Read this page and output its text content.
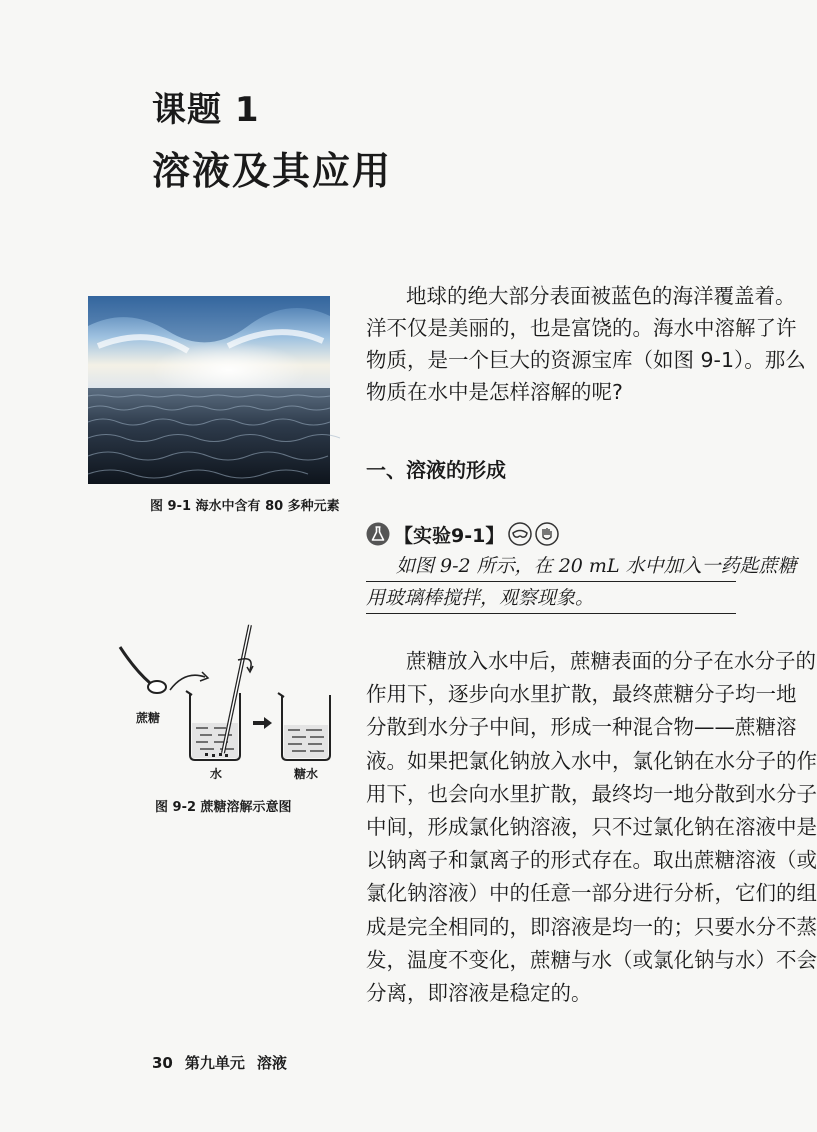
课题 1
溶液及其应用
图 9-1 海水中含有 80 多种元素
地球的绝大部分表面被蓝色的海洋覆盖着。
洋不仅是美丽的，也是富饶的。海水中溶解了许
物质，是一个巨大的资源宝库（如图 9-1）。那么
物质在水中是怎样溶解的呢?
一、溶液的形成
【实验9-1】
如图 9-2 所示，在 20 mL 水中加入一药匙蔗糖
用玻璃棒搅拌，观察现象。
蔗糖
水	糖水
图 9-2 蔗糖溶解示意图
蔗糖放入水中后，蔗糖表面的分子在水分子的
作用下，逐步向水里扩散，最终蔗糖分子均一地
分散到水分子中间，形成一种混合物——蔗糖溶
液。如果把氯化钠放入水中，氯化钠在水分子的作
用下，也会向水里扩散，最终均一地分散到水分子
中间，形成氯化钠溶液，只不过氯化钠在溶液中是
以钠离子和氯离子的形式存在。取出蔗糖溶液（或
氯化钠溶液）中的任意一部分进行分析，它们的组
成是完全相同的，即溶液是均一的；只要水分不蒸
发，温度不变化，蔗糖与水（或氯化钠与水）不会
分离，即溶液是稳定的。
30 第九单元 溶液
